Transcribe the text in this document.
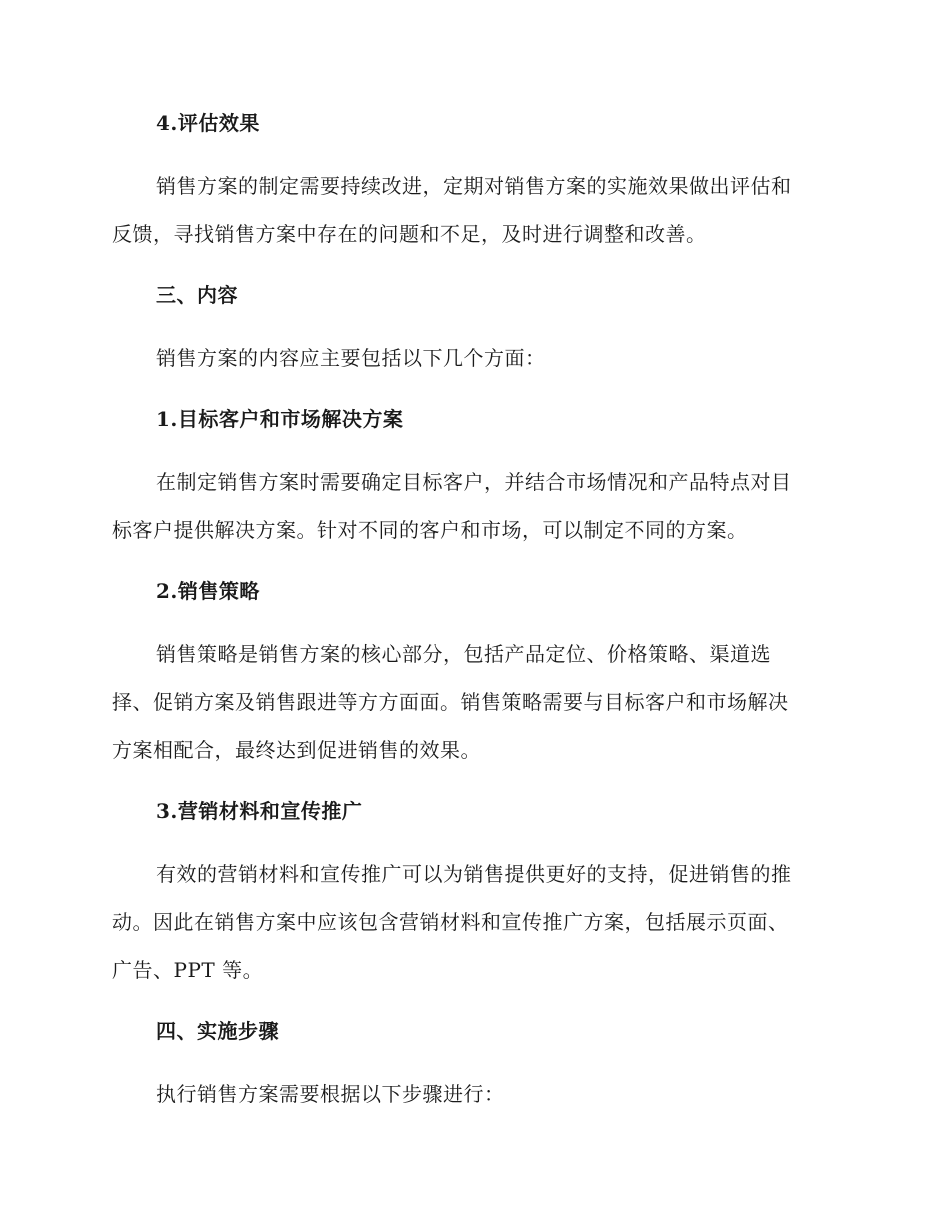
4.评估效果
销售方案的制定需要持续改进，定期对销售方案的实施效果做出评估和
反馈，寻找销售方案中存在的问题和不足，及时进行调整和改善。
三、内容
销售方案的内容应主要包括以下几个方面：
1.目标客户和市场解决方案
在制定销售方案时需要确定目标客户，并结合市场情况和产品特点对目
标客户提供解决方案。针对不同的客户和市场，可以制定不同的方案。
2.销售策略
销售策略是销售方案的核心部分，包括产品定位、价格策略、渠道选
择、促销方案及销售跟进等方方面面。销售策略需要与目标客户和市场解决
方案相配合，最终达到促进销售的效果。
3.营销材料和宣传推广
有效的营销材料和宣传推广可以为销售提供更好的支持，促进销售的推
动。因此在销售方案中应该包含营销材料和宣传推广方案，包括展示页面、
广告、PPT 等。
四、实施步骤
执行销售方案需要根据以下步骤进行：
